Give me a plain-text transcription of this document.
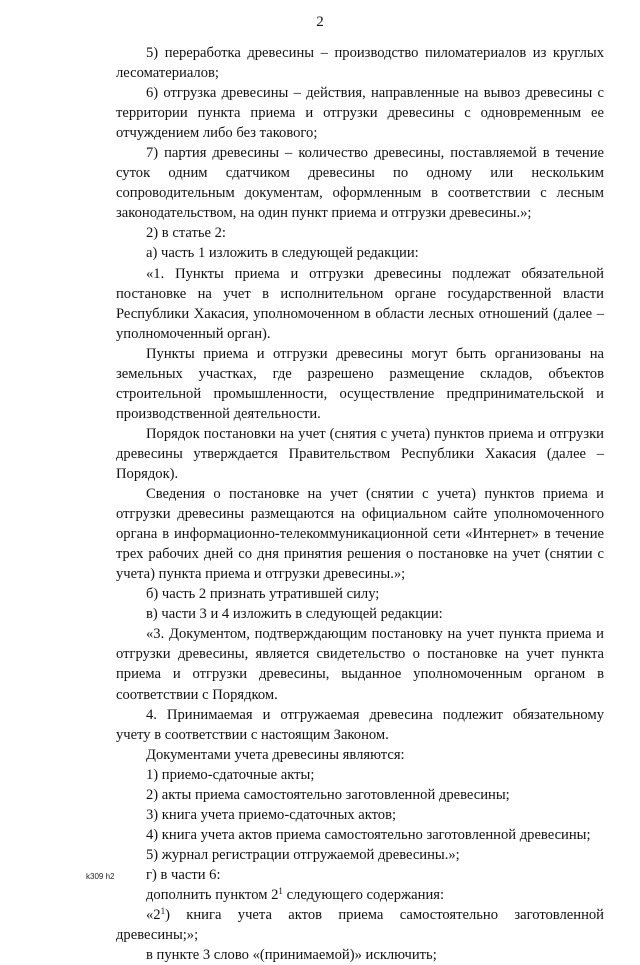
2

5) переработка древесины – производство пиломатериалов из круглых лесоматериалов;

6) отгрузка древесины – действия, направленные на вывоз древесины с территории пункта приема и отгрузки древесины с одновременным ее отчуждением либо без такового;

7) партия древесины – количество древесины, поставляемой в течение суток одним сдатчиком древесины по одному или нескольким сопроводительным документам, оформленным в соответствии с лесным законодательством, на один пункт приема и отгрузки древесины.»;

2) в статье 2:

а) часть 1 изложить в следующей редакции:

«1. Пункты приема и отгрузки древесины подлежат обязательной постановке на учет в исполнительном органе государственной власти Республики Хакасия, уполномоченном в области лесных отношений (далее – уполномоченный орган).

Пункты приема и отгрузки древесины могут быть организованы на земельных участках, где разрешено размещение складов, объектов строительной промышленности, осуществление предпринимательской и производственной деятельности.

Порядок постановки на учет (снятия с учета) пунктов приема и отгрузки древесины утверждается Правительством Республики Хакасия (далее – Порядок).

Сведения о постановке на учет (снятии с учета) пунктов приема и отгрузки древесины размещаются на официальном сайте уполномоченного органа в информационно-телекоммуникационной сети «Интернет» в течение трех рабочих дней со дня принятия решения о постановке на учет (снятии с учета) пункта приема и отгрузки древесины.»;

б) часть 2 признать утратившей силу;

в) части 3 и 4 изложить в следующей редакции:

«3. Документом, подтверждающим постановку на учет пункта приема и отгрузки древесины, является свидетельство о постановке на учет пункта приема и отгрузки древесины, выданное уполномоченным органом в соответствии с Порядком.

4. Принимаемая и отгружаемая древесина подлежит обязательному учету в соответствии с настоящим Законом.

Документами учета древесины являются:

1) приемо-сдаточные акты;

2) акты приема самостоятельно заготовленной древесины;

3) книга учета приемо-сдаточных актов;

4) книга учета актов приема самостоятельно заготовленной древесины;

5) журнал регистрации отгружаемой древесины.»;

г) в части 6:

дополнить пунктом $2^1$ следующего содержания:

«$2^1$) книга учета актов приема самостоятельно заготовленной древесины;»;

в пункте 3 слово «(принимаемой)» исключить;

k309 h2
